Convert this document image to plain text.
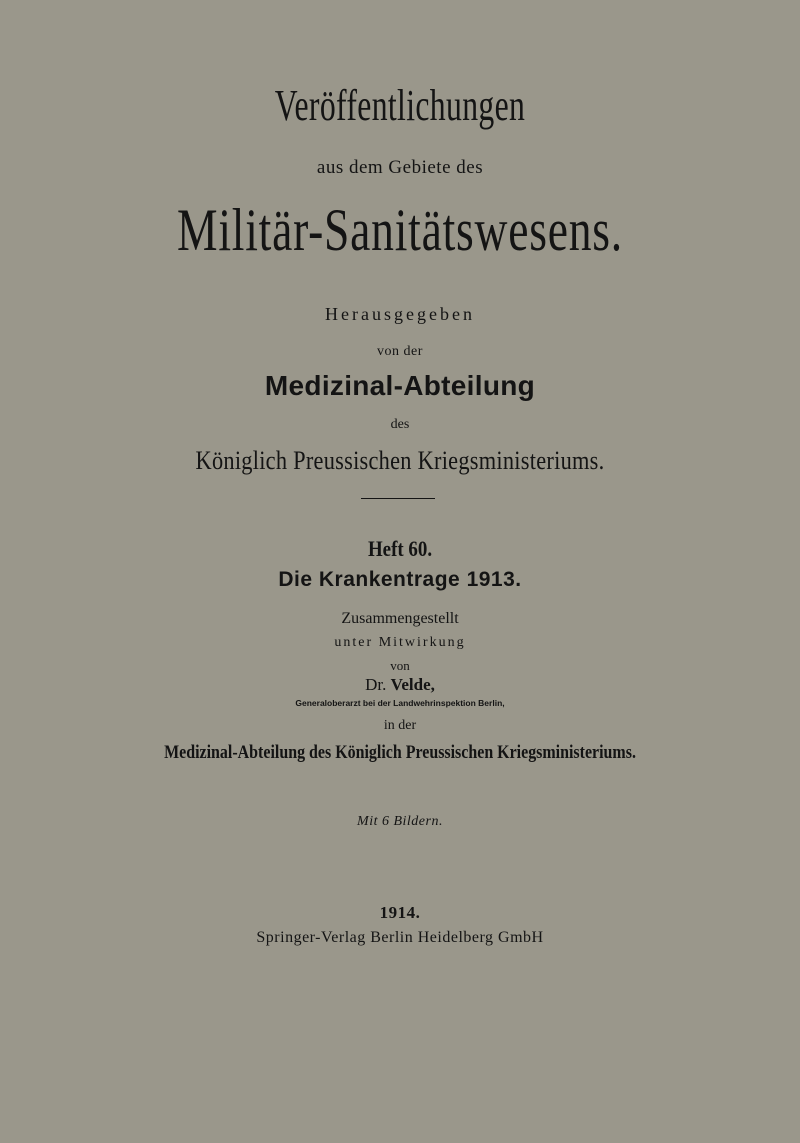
Veröffentlichungen
aus dem Gebiete des
Militär-Sanitätswesens.
Herausgegeben
von der
Medizinal-Abteilung
des
Königlich Preussischen Kriegsministeriums.
Heft 60.
Die Krankentrage 1913.
Zusammengestellt
unter Mitwirkung
von
Dr. Velde,
Generaloberarzt bei der Landwehrinspektion Berlin,
in der
Medizinal-Abteilung des Königlich Preussischen Kriegsministeriums.
Mit 6 Bildern.
1914.
Springer-Verlag Berlin Heidelberg GmbH
